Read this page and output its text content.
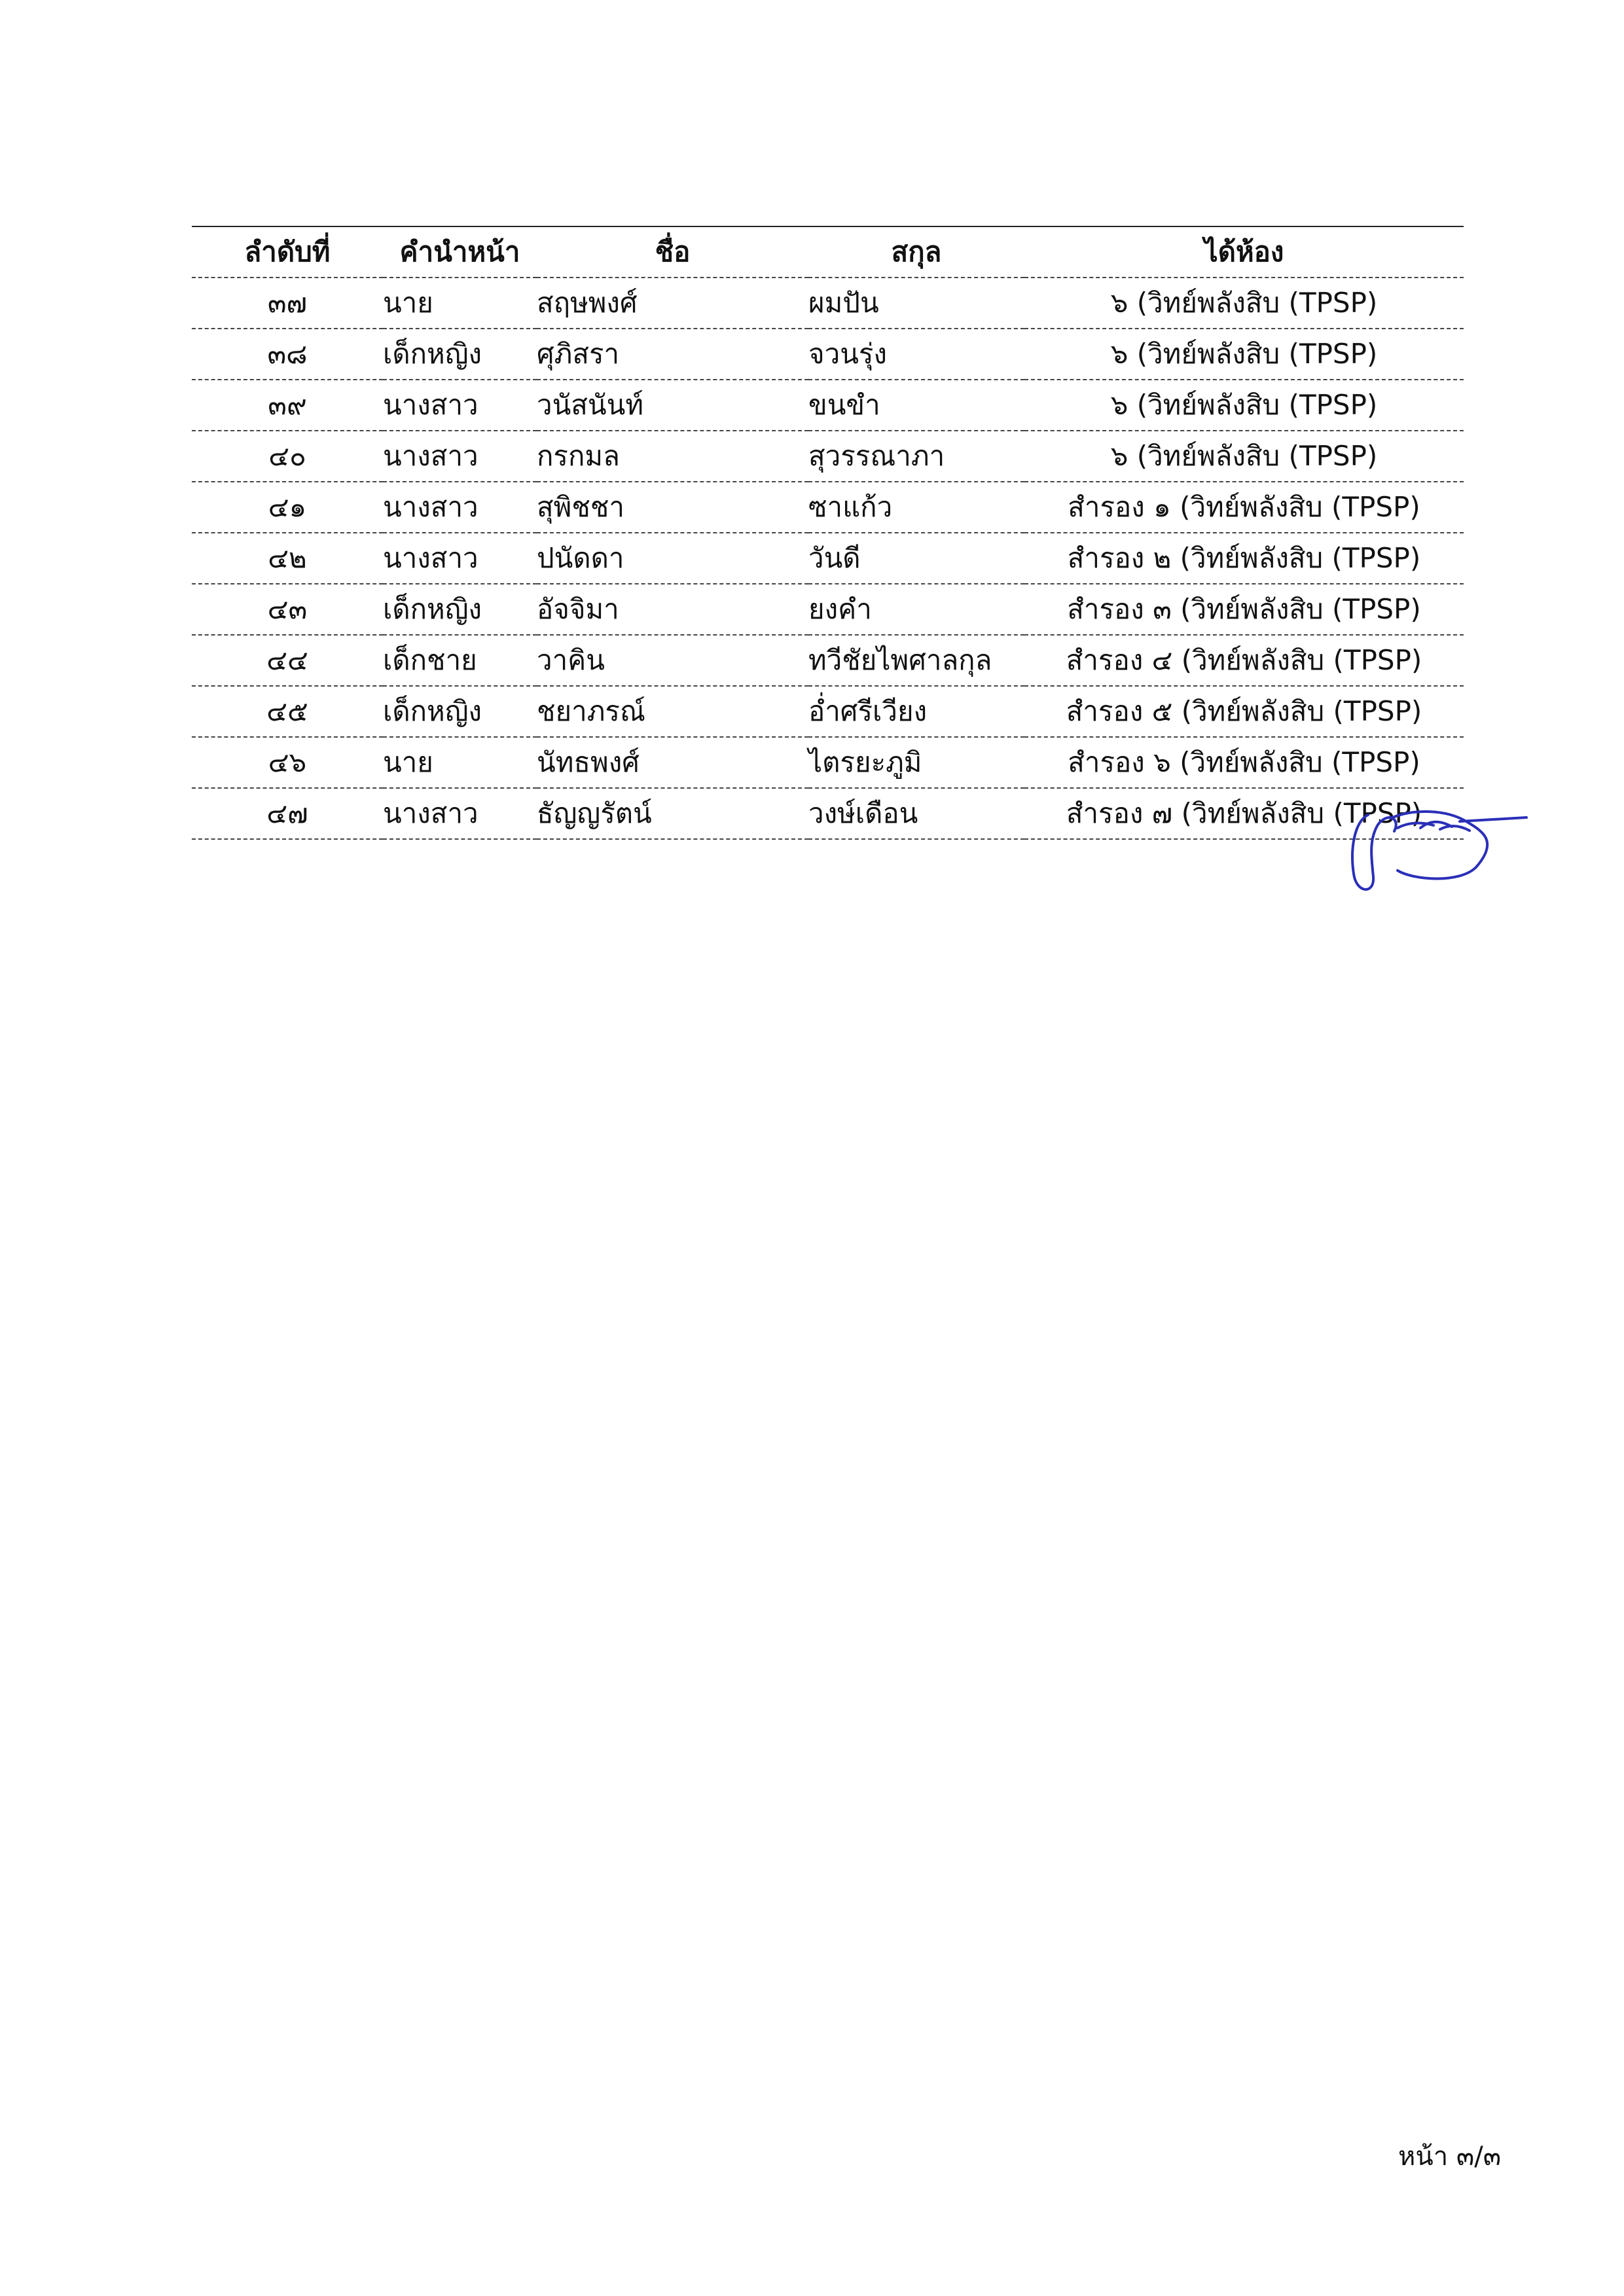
ลำดับที่	คำนำหน้า	ชื่อ	สกุล	ได้ห้อง
๓๗	นาย	สฤษพงศ์	ผมปัน	๖ (วิทย์พลังสิบ (TPSP)
๓๘	เด็กหญิง	ศุภิสรา	จวนรุ่ง	๖ (วิทย์พลังสิบ (TPSP)
๓๙	นางสาว	วนัสนันท์	ขนขำ	๖ (วิทย์พลังสิบ (TPSP)
๔๐	นางสาว	กรกมล	สุวรรณาภา	๖ (วิทย์พลังสิบ (TPSP)
๔๑	นางสาว	สุพิชชา	ซาแก้ว	สำรอง ๑ (วิทย์พลังสิบ (TPSP)
๔๒	นางสาว	ปนัดดา	วันดี	สำรอง ๒ (วิทย์พลังสิบ (TPSP)
๔๓	เด็กหญิง	อัจจิมา	ยงคำ	สำรอง ๓ (วิทย์พลังสิบ (TPSP)
๔๔	เด็กชาย	วาคิน	ทวีชัยไพศาลกุล	สำรอง ๔ (วิทย์พลังสิบ (TPSP)
๔๕	เด็กหญิง	ชยาภรณ์	อ่ำศรีเวียง	สำรอง ๕ (วิทย์พลังสิบ (TPSP)
๔๖	นาย	นัทธพงศ์	ไตรยะภูมิ	สำรอง ๖ (วิทย์พลังสิบ (TPSP)
๔๗	นางสาว	ธัญญรัตน์	วงษ์เดือน	สำรอง ๗ (วิทย์พลังสิบ (TPSP)
หน้า ๓/๓
